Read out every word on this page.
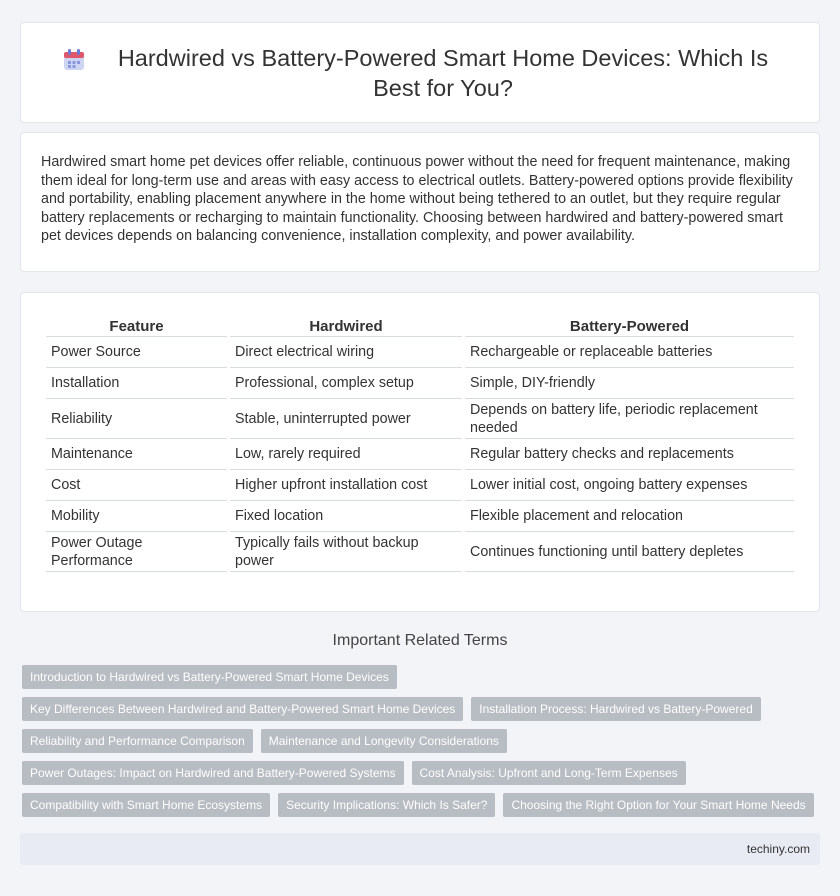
Hardwired vs Battery-Powered Smart Home Devices: Which Is Best for You?

Hardwired smart home pet devices offer reliable, continuous power without the need for frequent maintenance, making them ideal for long-term use and areas with easy access to electrical outlets. Battery-powered options provide flexibility and portability, enabling placement anywhere in the home without being tethered to an outlet, but they require regular battery replacements or recharging to maintain functionality. Choosing between hardwired and battery-powered smart pet devices depends on balancing convenience, installation complexity, and power availability.

Feature	Hardwired	Battery-Powered
Power Source	Direct electrical wiring	Rechargeable or replaceable batteries
Installation	Professional, complex setup	Simple, DIY-friendly
Reliability	Stable, uninterrupted power	Depends on battery life, periodic replacement needed
Maintenance	Low, rarely required	Regular battery checks and replacements
Cost	Higher upfront installation cost	Lower initial cost, ongoing battery expenses
Mobility	Fixed location	Flexible placement and relocation
Power Outage Performance	Typically fails without backup power	Continues functioning until battery depletes
Important Related Terms
Introduction to Hardwired vs Battery-Powered Smart Home Devices
Key Differences Between Hardwired and Battery-Powered Smart Home Devices	Installation Process: Hardwired vs Battery-Powered
Reliability and Performance Comparison	Maintenance and Longevity Considerations
Power Outages: Impact on Hardwired and Battery-Powered Systems	Cost Analysis: Upfront and Long-Term Expenses
Compatibility with Smart Home Ecosystems	Security Implications: Which Is Safer?	Choosing the Right Option for Your Smart Home Needs
techiny.com
